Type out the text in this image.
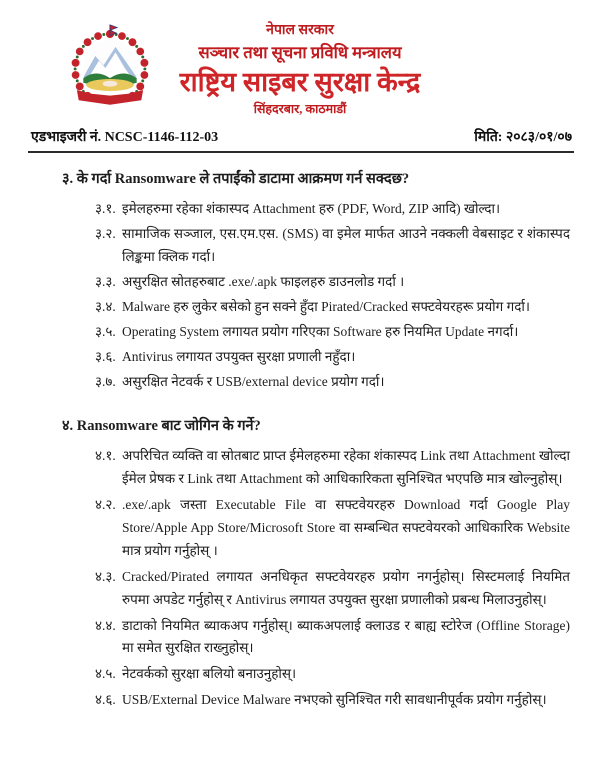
नेपाल सरकार
सञ्चार तथा सूचना प्रविधि मन्त्रालय
राष्ट्रिय साइबर सुरक्षा केन्द्र
सिंहदरबार, काठमाडौं
एडभाइजरी नं. NCSC-1146-112-03	मिति: २०८३/०१/०७
३. के गर्दा Ransomware ले तपाईंको डाटामा आक्रमण गर्न सक्दछ?
३.१. इमेलहरुमा रहेका शंकास्पद Attachment हरु (PDF, Word, ZIP आदि) खोल्दा।
३.२. सामाजिक सञ्जाल, एस.एम.एस. (SMS) वा इमेल मार्फत आउने नक्कली वेबसाइट र शंकास्पद लिङ्कमा क्लिक गर्दा।
३.३. असुरक्षित स्रोतहरुबाट .exe/.apk फाइलहरु डाउनलोड गर्दा ।
३.४. Malware हरु लुकेर बसेको हुन सक्ने हुँदा Pirated/Cracked सफ्टवेयरहरू प्रयोग गर्दा।
३.५. Operating System लगायत प्रयोग गरिएका Software हरु नियमित Update नगर्दा।
३.६. Antivirus लगायत उपयुक्त सुरक्षा प्रणाली नहुँदा।
३.७. असुरक्षित नेटवर्क र USB/external device प्रयोग गर्दा।
४. Ransomware बाट जोगिन के गर्ने?
४.१. अपरिचित व्यक्ति वा स्रोतबाट प्राप्त ईमेलहरुमा रहेका शंकास्पद Link तथा Attachment खोल्दा ईमेल प्रेषक र Link तथा Attachment को आधिकारिकता सुनिश्चित भएपछि मात्र खोल्नुहोस्।
४.२. .exe/.apk जस्ता Executable File वा सफ्टवेयरहरु Download गर्दा Google Play Store/Apple App Store/Microsoft Store वा सम्बन्धित सफ्टवेयरको आधिकारिक Website मात्र प्रयोग गर्नुहोस् ।
४.३. Cracked/Pirated लगायत अनधिकृत सफ्टवेयरहरु प्रयोग नगर्नुहोस्। सिस्टमलाई नियमित रुपमा अपडेट गर्नुहोस् र Antivirus लगायत उपयुक्त सुरक्षा प्रणालीको प्रबन्ध मिलाउनुहोस्।
४.४. डाटाको नियमित ब्याकअप गर्नुहोस्। ब्याकअपलाई क्लाउड र बाह्य स्टोरेज (Offline Storage) मा समेत सुरक्षित राख्नुहोस्।
४.५. नेटवर्कको सुरक्षा बलियो बनाउनुहोस्।
४.६. USB/External Device Malware नभएको सुनिश्चित गरी सावधानीपूर्वक प्रयोग गर्नुहोस्।
